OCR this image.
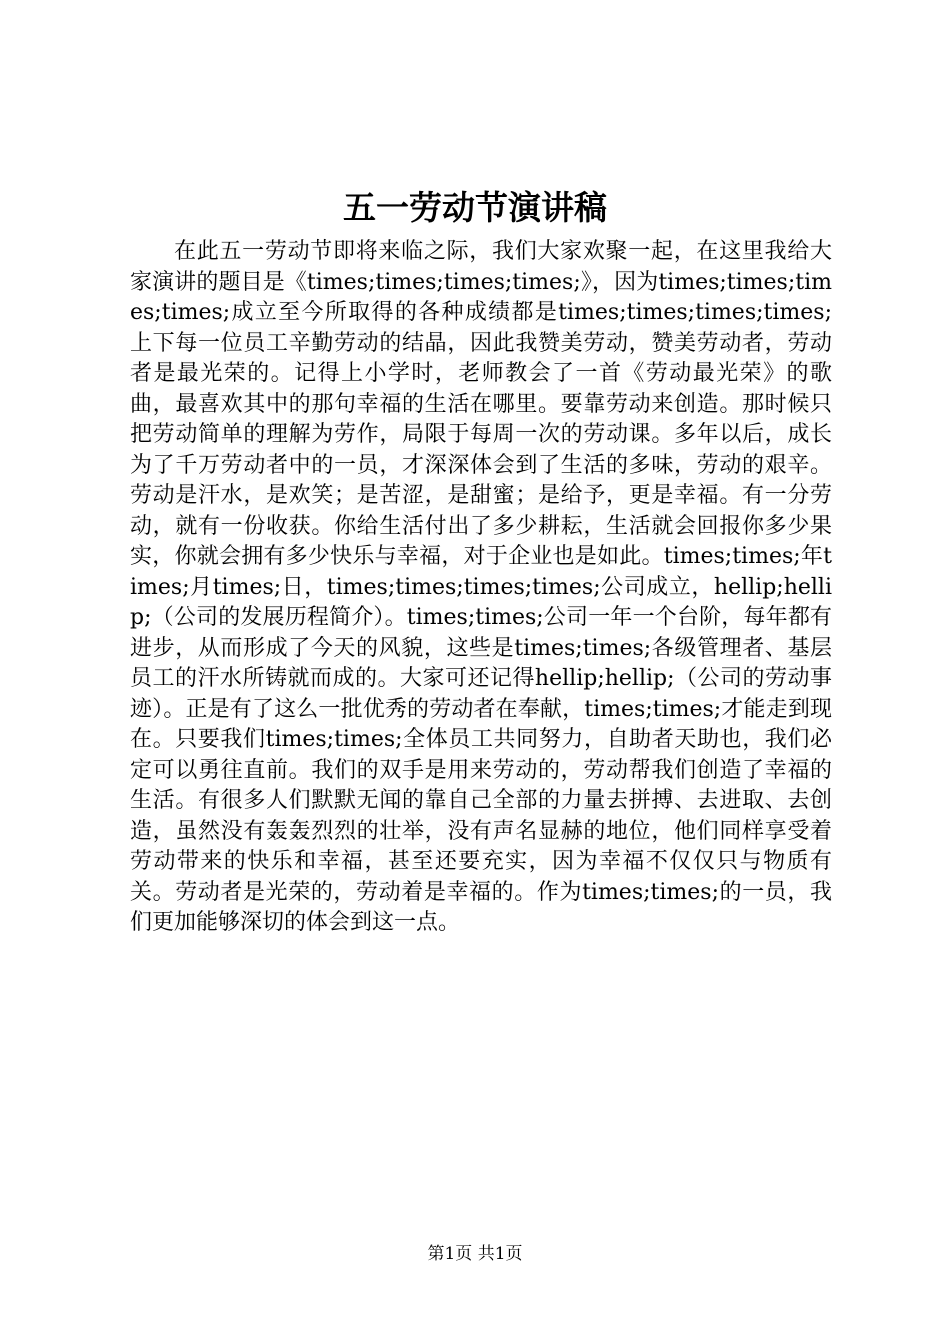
五一劳动节演讲稿

在此五一劳动节即将来临之际，我们大家欢聚一起，在这里我给大家演讲的题目是《times;times;times;times;》，因为times;times;times;times;成立至今所取得的各种成绩都是times;times;times;times;上下每一位员工辛勤劳动的结晶，因此我赞美劳动，赞美劳动者，劳动者是最光荣的。记得上小学时，老师教会了一首《劳动最光荣》的歌曲，最喜欢其中的那句幸福的生活在哪里。要靠劳动来创造。那时候只把劳动简单的理解为劳作，局限于每周一次的劳动课。多年以后，成长为了千万劳动者中的一员，才深深体会到了生活的多味，劳动的艰辛。劳动是汗水，是欢笑；是苦涩，是甜蜜；是给予，更是幸福。有一分劳动，就有一份收获。你给生活付出了多少耕耘，生活就会回报你多少果实，你就会拥有多少快乐与幸福，对于企业也是如此。times;times;年times;月times;日，times;times;times;times;公司成立，hellip;hellip;（公司的发展历程简介）。times;times;公司一年一个台阶，每年都有进步，从而形成了今天的风貌，这些是times;times;各级管理者、基层员工的汗水所铸就而成的。大家可还记得hellip;hellip;（公司的劳动事迹）。正是有了这么一批优秀的劳动者在奉献，times;times;才能走到现在。只要我们times;times;全体员工共同努力，自助者天助也，我们必定可以勇往直前。我们的双手是用来劳动的，劳动帮我们创造了幸福的生活。有很多人们默默无闻的靠自己全部的力量去拼搏、去进取、去创造，虽然没有轰轰烈烈的壮举，没有声名显赫的地位，他们同样享受着劳动带来的快乐和幸福，甚至还要充实，因为幸福不仅仅只与物质有关。劳动者是光荣的，劳动着是幸福的。作为times;times;的一员，我们更加能够深切的体会到这一点。

第1页 共1页
